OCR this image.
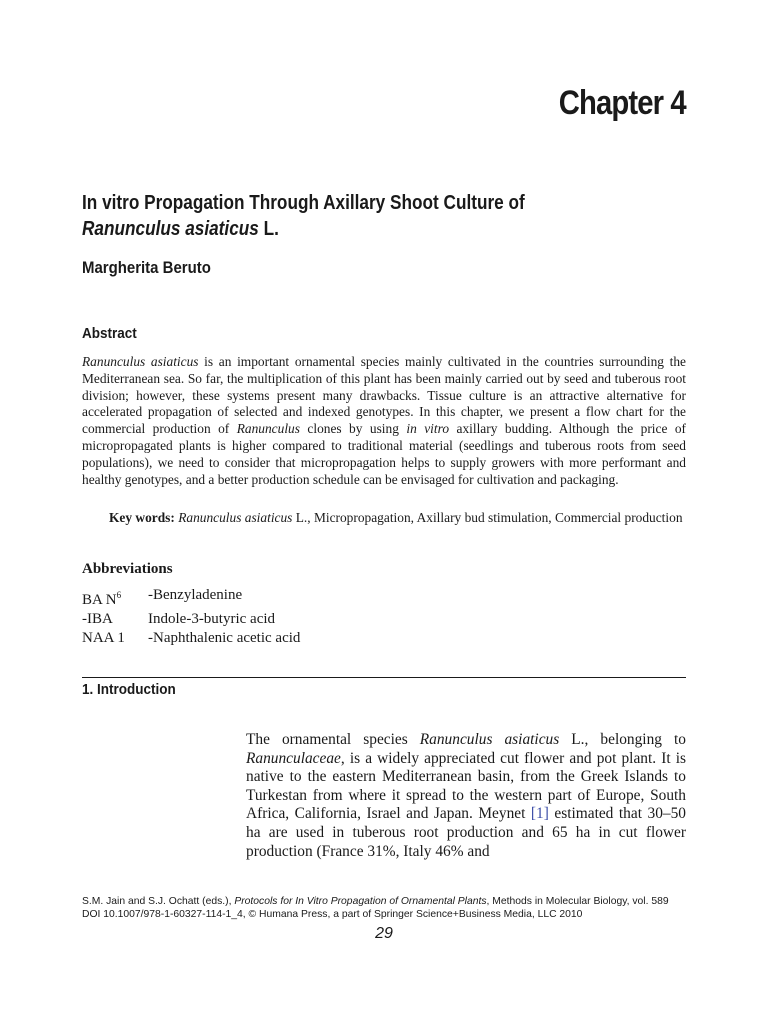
Chapter 4
In vitro Propagation Through Axillary Shoot Culture of
Ranunculus asiaticus L.
Margherita Beruto
Abstract
Ranunculus asiaticus is an important ornamental species mainly cultivated in the countries surrounding the Mediterranean sea. So far, the multiplication of this plant has been mainly carried out by seed and tuberous root division; however, these systems present many drawbacks. Tissue culture is an attractive alternative for accelerated propagation of selected and indexed genotypes. In this chapter, we present a flow chart for the commercial production of Ranunculus clones by using in vitro axillary budding. Although the price of micropropagated plants is higher compared to traditional material (seedlings and tuberous roots from seed populations), we need to consider that micropropagation helps to supply growers with more performant and healthy genotypes, and a better production schedule can be envisaged for cultivation and packaging.
Key words: Ranunculus asiaticus L., Micropropagation, Axillary bud stimulation, Commercial production
Abbreviations
BA $N^6$	-Benzyladenine
-IBA	Indole-3-butyric acid
NAA 1	-Naphthalenic acetic acid
1. Introduction
The ornamental species Ranunculus asiaticus L., belonging to Ranunculaceae, is a widely appreciated cut flower and pot plant. It is native to the eastern Mediterranean basin, from the Greek Islands to Turkestan from where it spread to the western part of Europe, South Africa, California, Israel and Japan. Meynet [1] estimated that 30–50 ha are used in tuberous root production and 65 ha in cut flower production (France 31%, Italy 46% and
S.M. Jain and S.J. Ochatt (eds.), Protocols for In Vitro Propagation of Ornamental Plants, Methods in Molecular Biology, vol. 589
DOI 10.1007/978-1-60327-114-1_4, © Humana Press, a part of Springer Science+Business Media, LLC 2010
29
